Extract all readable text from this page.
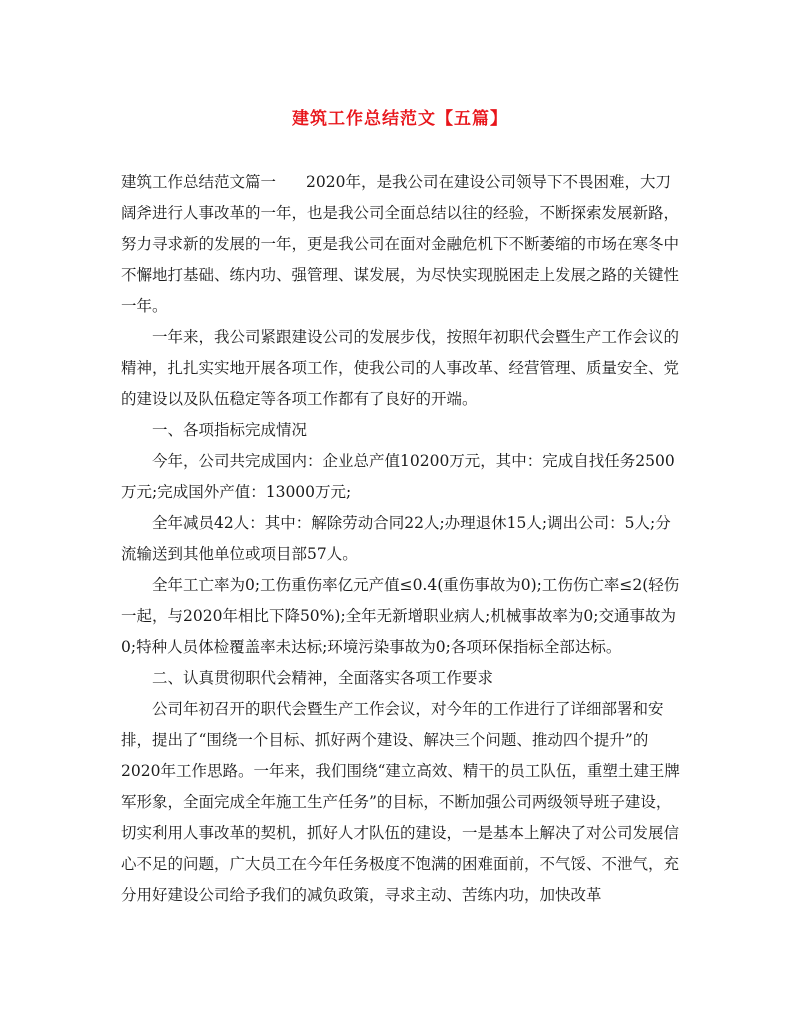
建筑工作总结范文【五篇】

建筑工作总结范文篇一 2020年，是我公司在建设公司领导下不畏困难，大刀阔斧进行人事改革的一年，也是我公司全面总结以往的经验，不断探索发展新路，努力寻求新的发展的一年，更是我公司在面对金融危机下不断萎缩的市场在寒冬中不懈地打基础、练内功、强管理、谋发展，为尽快实现脱困走上发展之路的关键性一年。

一年来，我公司紧跟建设公司的发展步伐，按照年初职代会暨生产工作会议的精神，扎扎实实地开展各项工作，使我公司的人事改革、经营管理、质量安全、党的建设以及队伍稳定等各项工作都有了良好的开端。

一、各项指标完成情况

今年，公司共完成国内：企业总产值10200万元，其中：完成自找任务2500万元;完成国外产值：13000万元;

全年减员42人：其中：解除劳动合同22人;办理退休15人;调出公司：5人;分流输送到其他单位或项目部57人。

全年工亡率为0;工伤重伤率亿元产值≤0.4(重伤事故为0);工伤伤亡率≤2(轻伤一起，与2020年相比下降50%);全年无新增职业病人;机械事故率为0;交通事故为0;特种人员体检覆盖率未达标;环境污染事故为0;各项环保指标全部达标。

二、认真贯彻职代会精神，全面落实各项工作要求

公司年初召开的职代会暨生产工作会议，对今年的工作进行了详细部署和安排，提出了“围绕一个目标、抓好两个建设、解决三个问题、推动四个提升”的2020年工作思路。一年来，我们围绕“建立高效、精干的员工队伍，重塑土建王牌军形象，全面完成全年施工生产任务”的目标，不断加强公司两级领导班子建设，切实利用人事改革的契机，抓好人才队伍的建设，一是基本上解决了对公司发展信心不足的问题，广大员工在今年任务极度不饱满的困难面前，不气馁、不泄气，充分用好建设公司给予我们的减负政策，寻求主动、苦练内功，加快改革
